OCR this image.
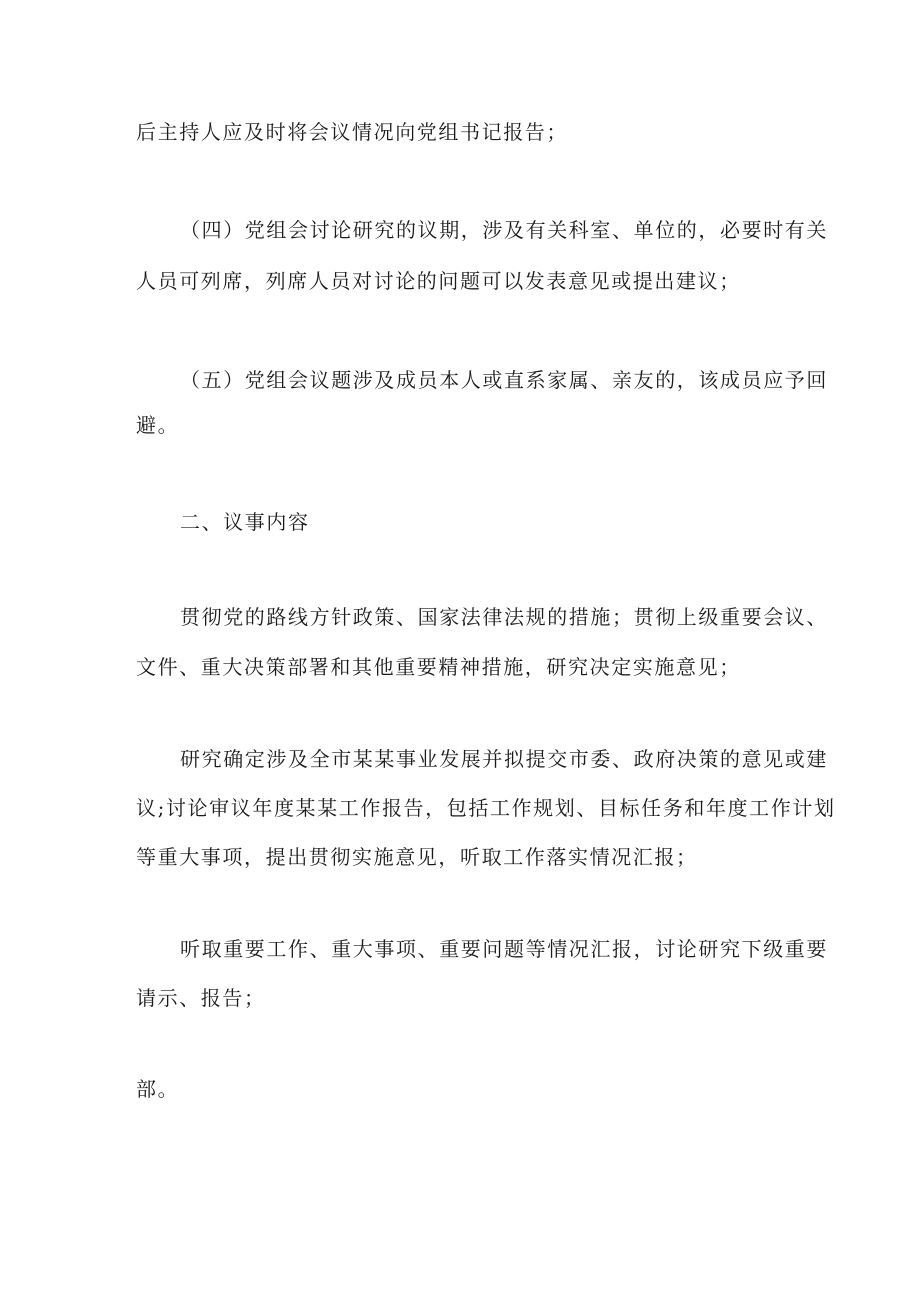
后主持人应及时将会议情况向党组书记报告；
（四）党组会讨论研究的议期，涉及有关科室、单位的，必要时有关
人员可列席，列席人员对讨论的问题可以发表意见或提出建议；
（五）党组会议题涉及成员本人或直系家属、亲友的，该成员应予回
避。
二、议事内容
贯彻党的路线方针政策、国家法律法规的措施；贯彻上级重要会议、
文件、重大决策部署和其他重要精神措施，研究决定实施意见；
研究确定涉及全市某某事业发展并拟提交市委、政府决策的意见或建
议;讨论审议年度某某工作报告，包括工作规划、目标任务和年度工作计划
等重大事项，提出贯彻实施意见，听取工作落实情况汇报；
听取重要工作、重大事项、重要问题等情况汇报，讨论研究下级重要
请示、报告；
部。
